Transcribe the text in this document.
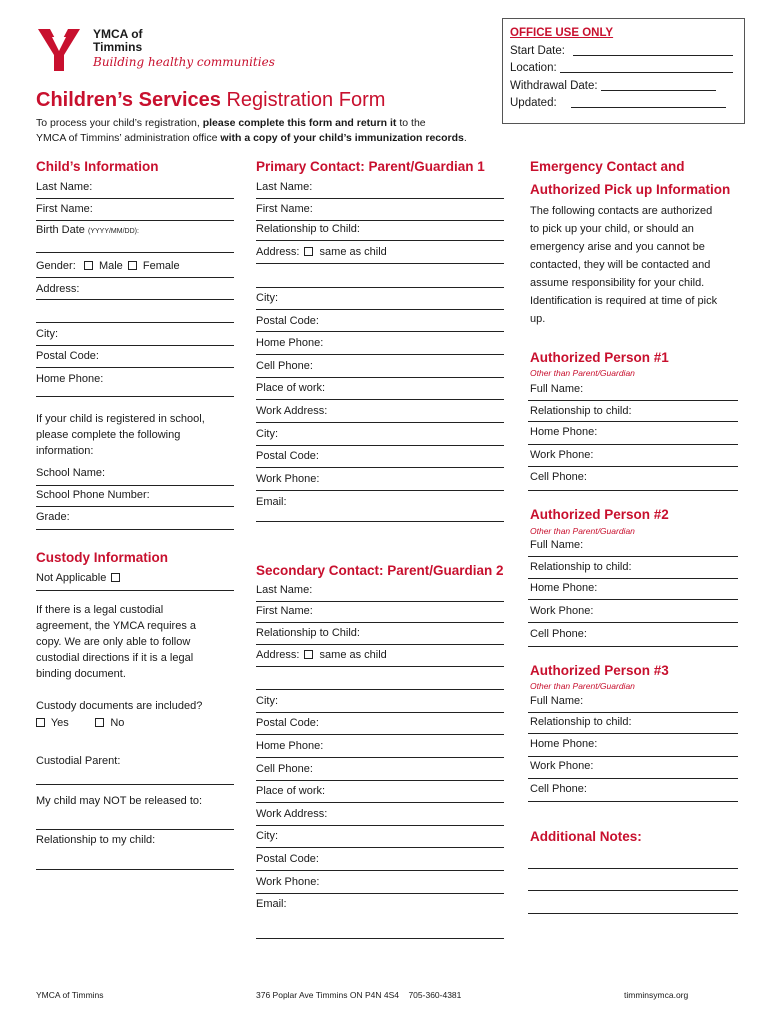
YMCA of
Timmins
Building healthy communities
OFFICE USE ONLY
Start Date:
Location:
Withdrawal Date:
Updated:
Children’s Services Registration Form
To process your child’s registration, please complete this form and return it to the
YMCA of Timmins’ administration office with a copy of your child’s immunization records.
Child’s Information
Last Name:
First Name:
Birth Date (YYYY/MM/DD):
Gender: Male Female
Address:
City:
Postal Code:
Home Phone:
If your child is registered in school,
please complete the following
information:
School Name:
School Phone Number:
Grade:
Custody Information
Not Applicable
If there is a legal custodial
agreement, the YMCA requires a
copy. We are only able to follow
custodial directions if it is a legal
binding document.
Custody documents are included?
Yes	No
Custodial Parent:
My child may NOT be released to:
Relationship to my child:
Primary Contact: Parent/Guardian 1
Last Name:
First Name:
Relationship to Child:
Address: same as child
City:
Postal Code:
Home Phone:
Cell Phone:
Place of work:
Work Address:
City:
Postal Code:
Work Phone:
Email:
Secondary Contact: Parent/Guardian 2
Last Name:
First Name:
Relationship to Child:
Address: same as child
City:
Postal Code:
Home Phone:
Cell Phone:
Place of work:
Work Address:
City:
Postal Code:
Work Phone:
Email:
Emergency Contact and
Authorized Pick up Information
The following contacts are authorized
to pick up your child, or should an
emergency arise and you cannot be
contacted, they will be contacted and
assume responsibility for your child.
Identification is required at time of pick
up.
Authorized Person #1
Other than Parent/Guardian
Full Name:
Relationship to child:
Home Phone:
Work Phone:
Cell Phone:
Authorized Person #2
Other than Parent/Guardian
Full Name:
Relationship to child:
Home Phone:
Work Phone:
Cell Phone:
Authorized Person #3
Other than Parent/Guardian
Full Name:
Relationship to child:
Home Phone:
Work Phone:
Cell Phone:
Additional Notes:
YMCA of Timmins	376 Poplar Ave Timmins ON P4N 4S4 705-360-4381	timminsymca.org
